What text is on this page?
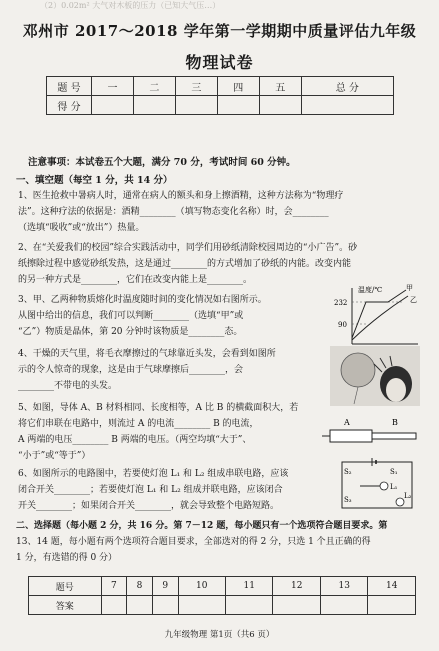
（2）0.02m² 大气对木板的压力（已知大气压…）
邓州市 2017～2018 学年第一学期期中质量评估九年级
物理试卷
题 号	一	二	三	四	五	总 分
得 分						
注意事项：本试卷五个大题，满分 70 分，考试时间 60 分钟。
一、填空题（每空 1 分，共 14 分）
1、医生抢救中暑病人时，通常在病人的额头和身上擦酒精，这种方法称为“物理疗
法”。这种疗法的依据是：酒精________（填写物态变化名称）时，会________
（选填“吸收”或“放出”）热量。
2、在“关爱我们的校园”综合实践活动中，同学们用砂纸清除校园周边的“小广告”。砂
纸擦除过程中感觉砂纸发热，这是通过________的方式增加了砂纸的内能。改变内能
的另一种方式是________，它们在改变内能上是________。
3、甲、乙两种物质熔化时温度随时间的变化情况如右图所示。
从图中给出的信息，我们可以判断________（选填“甲”或
“乙”）物质是晶体，第 20 分钟时该物质是________态。
温度/℃
232
90
甲
乙
4、干燥的天气里，将毛衣摩擦过的气球靠近头发，会看到如图所
示的令人惊奇的现象，这是由于气球摩擦后________，会
________不带电的头发。
5、如图，导体 A、B 材料相同、长度相等，A 比 B 的横截面积大，若
将它们串联在电路中，则流过 A 的电流________ B 的电流，
A 两端的电压________ B 两端的电压。（两空均填“大于”、
“小于”或“等于”）
A	B
6、如图所示的电路图中，若要使灯泡 L₁ 和 L₂ 组成串联电路，应该
闭合开关________；若要使灯泡 L₁ 和 L₂ 组成并联电路，应该闭合
开关________；如果闭合开关________，就会导致整个电路短路。
S₂	S₁
S₃
L₁
L₂
二、选择题（每小题 2 分，共 16 分。第 7－12 题，每小题只有一个选项符合题目要求。第
13、14 题，每小题有两个选项符合题目要求，全部选对的得 2 分，只选 1 个且正确的得
1 分，有选错的得 0 分）
题号	7	8	9	10	11	12	13	14
答案								
九年级物理 第1页（共6 页）
